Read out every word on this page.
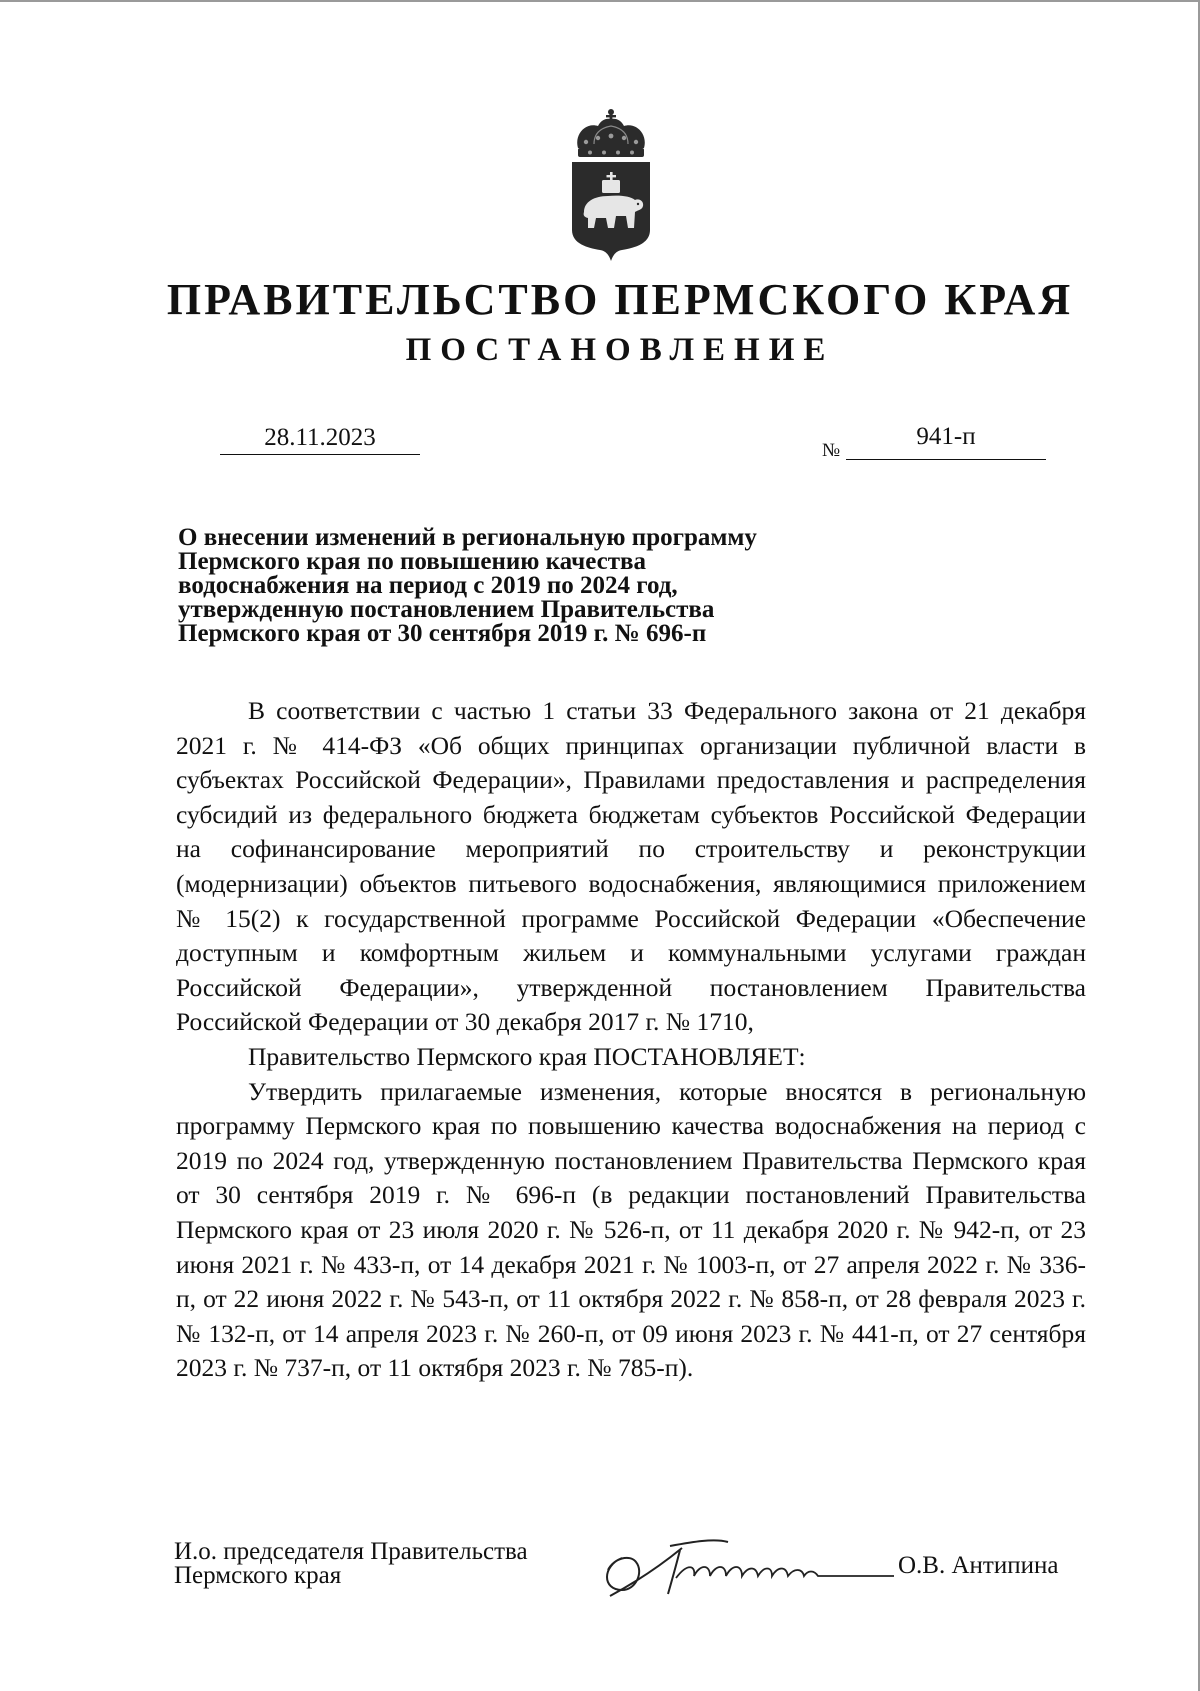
ПРАВИТЕЛЬСТВО ПЕРМСКОГО КРАЯ
ПОСТАНОВЛЕНИЕ
28.11.2023	№
941-п
О внесении изменений в региональную программу
Пермского края по повышению качества
водоснабжения на период с 2019 по 2024 год,
утвержденную постановлением Правительства
Пермского края от 30 сентября 2019 г. № 696-п

В соответствии с частью 1 статьи 33 Федерального закона от 21 декабря 2021 г. № 414-ФЗ «Об общих принципах организации публичной власти в субъектах Российской Федерации», Правилами предоставления и распределения субсидий из федерального бюджета бюджетам субъектов Российской Федерации на софинансирование мероприятий по строительству и реконструкции (модернизации) объектов питьевого водоснабжения, являющимися приложением № 15(2) к государственной программе Российской Федерации «Обеспечение доступным и комфортным жильем и коммунальными услугами граждан Российской Федерации», утвержденной постановлением Правительства Российской Федерации от 30 декабря 2017 г. № 1710,

Правительство Пермского края ПОСТАНОВЛЯЕТ:

Утвердить прилагаемые изменения, которые вносятся в региональную программу Пермского края по повышению качества водоснабжения на период с 2019 по 2024 год, утвержденную постановлением Правительства Пермского края от 30 сентября 2019 г. № 696-п (в редакции постановлений Правительства Пермского края от 23 июля 2020 г. № 526-п, от 11 декабря 2020 г. № 942-п, от 23 июня 2021 г. № 433-п, от 14 декабря 2021 г. № 1003-п, от 27 апреля 2022 г. № 336-п, от 22 июня 2022 г. № 543-п, от 11 октября 2022 г. № 858-п, от 28 февраля 2023 г. № 132-п, от 14 апреля 2023 г. № 260-п, от 09 июня 2023 г. № 441-п, от 27 сентября 2023 г. № 737-п, от 11 октября 2023 г. № 785-п).

И.о. председателя Правительства
Пермского края	О.В. Антипина
